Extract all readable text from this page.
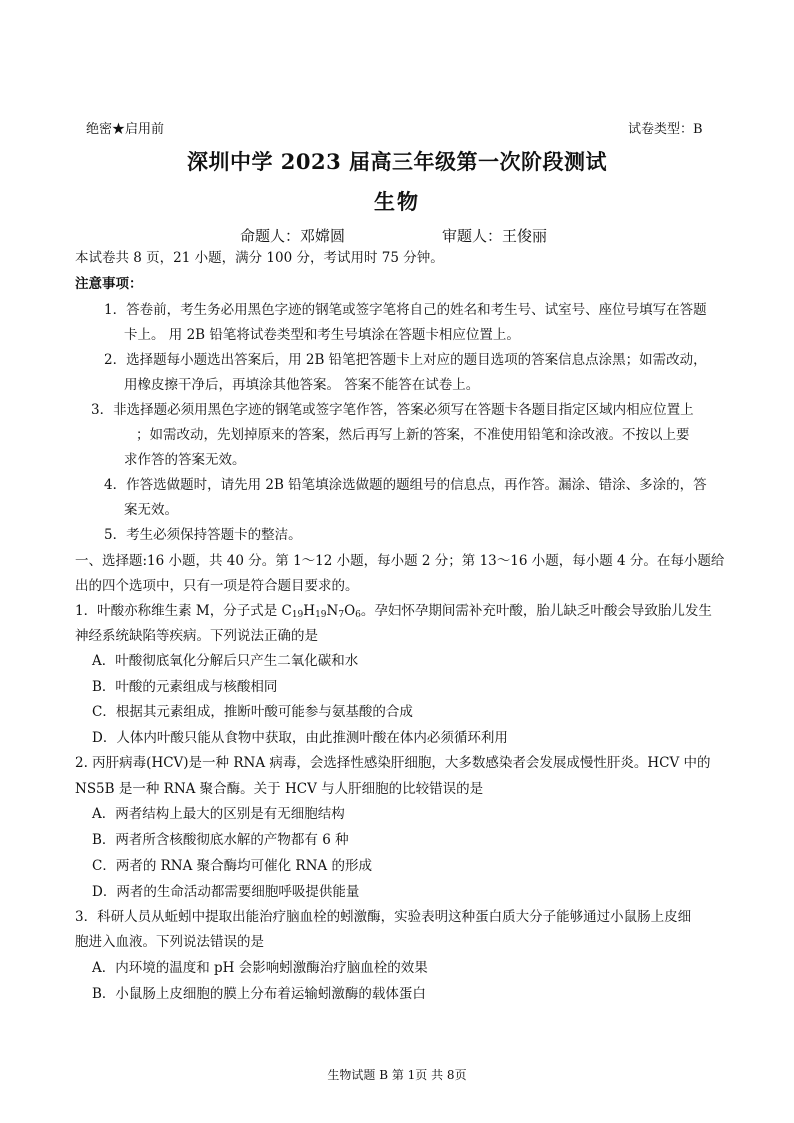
绝密★启用前	试卷类型：B
深圳中学 2023 届高三年级第一次阶段测试
生物
命题人：邓嫦圆	审题人：王俊丽
本试卷共 8 页，21 小题，满分 100 分，考试用时 75 分钟。
注意事项：
1．答卷前，考生务必用黑色字迹的钢笔或签字笔将自己的姓名和考生号、试室号、座位号填写在答题
卡上。 用 2B 铅笔将试卷类型和考生号填涂在答题卡相应位置上。
2．选择题每小题选出答案后，用 2B 铅笔把答题卡上对应的题目选项的答案信息点涂黑；如需改动，
用橡皮擦干净后，再填涂其他答案。 答案不能答在试卷上。
3．非选择题必须用黑色字迹的钢笔或签字笔作答，答案必须写在答题卡各题目指定区域内相应位置上
；如需改动，先划掉原来的答案，然后再写上新的答案，不准使用铅笔和涂改液。不按以上要
求作答的答案无效。
4．作答选做题时，请先用 2B 铅笔填涂选做题的题组号的信息点，再作答。漏涂、错涂、多涂的，答
案无效。
5．考生必须保持答题卡的整洁。
一、选择题:16 小题，共 40 分。第 1～12 小题，每小题 2 分；第 13～16 小题，每小题 4 分。在每小题给
出的四个选项中，只有一项是符合题目要求的。
1．叶酸亦称维生素 M，分子式是 $C_{19}H_{19}N_7O_6$。孕妇怀孕期间需补充叶酸，胎儿缺乏叶酸会导致胎儿发生
神经系统缺陷等疾病。下列说法正确的是
A．叶酸彻底氧化分解后只产生二氧化碳和水
B．叶酸的元素组成与核酸相同
C．根据其元素组成，推断叶酸可能参与氨基酸的合成
D．人体内叶酸只能从食物中获取，由此推测叶酸在体内必须循环利用
2. 丙肝病毒(HCV)是一种 RNA 病毒，会选择性感染肝细胞，大多数感染者会发展成慢性肝炎。HCV 中的
NS5B 是一种 RNA 聚合酶。关于 HCV 与人肝细胞的比较错误的是
A．两者结构上最大的区别是有无细胞结构
B．两者所含核酸彻底水解的产物都有 6 种
C．两者的 RNA 聚合酶均可催化 RNA 的形成
D．两者的生命活动都需要细胞呼吸提供能量
3．科研人员从蚯蚓中提取出能治疗脑血栓的蚓激酶，实验表明这种蛋白质大分子能够通过小鼠肠上皮细
胞进入血液。下列说法错误的是
A．内环境的温度和 pH 会影响蚓激酶治疗脑血栓的效果
B．小鼠肠上皮细胞的膜上分布着运输蚓激酶的载体蛋白
生物试题 B 第 1页 共 8页
